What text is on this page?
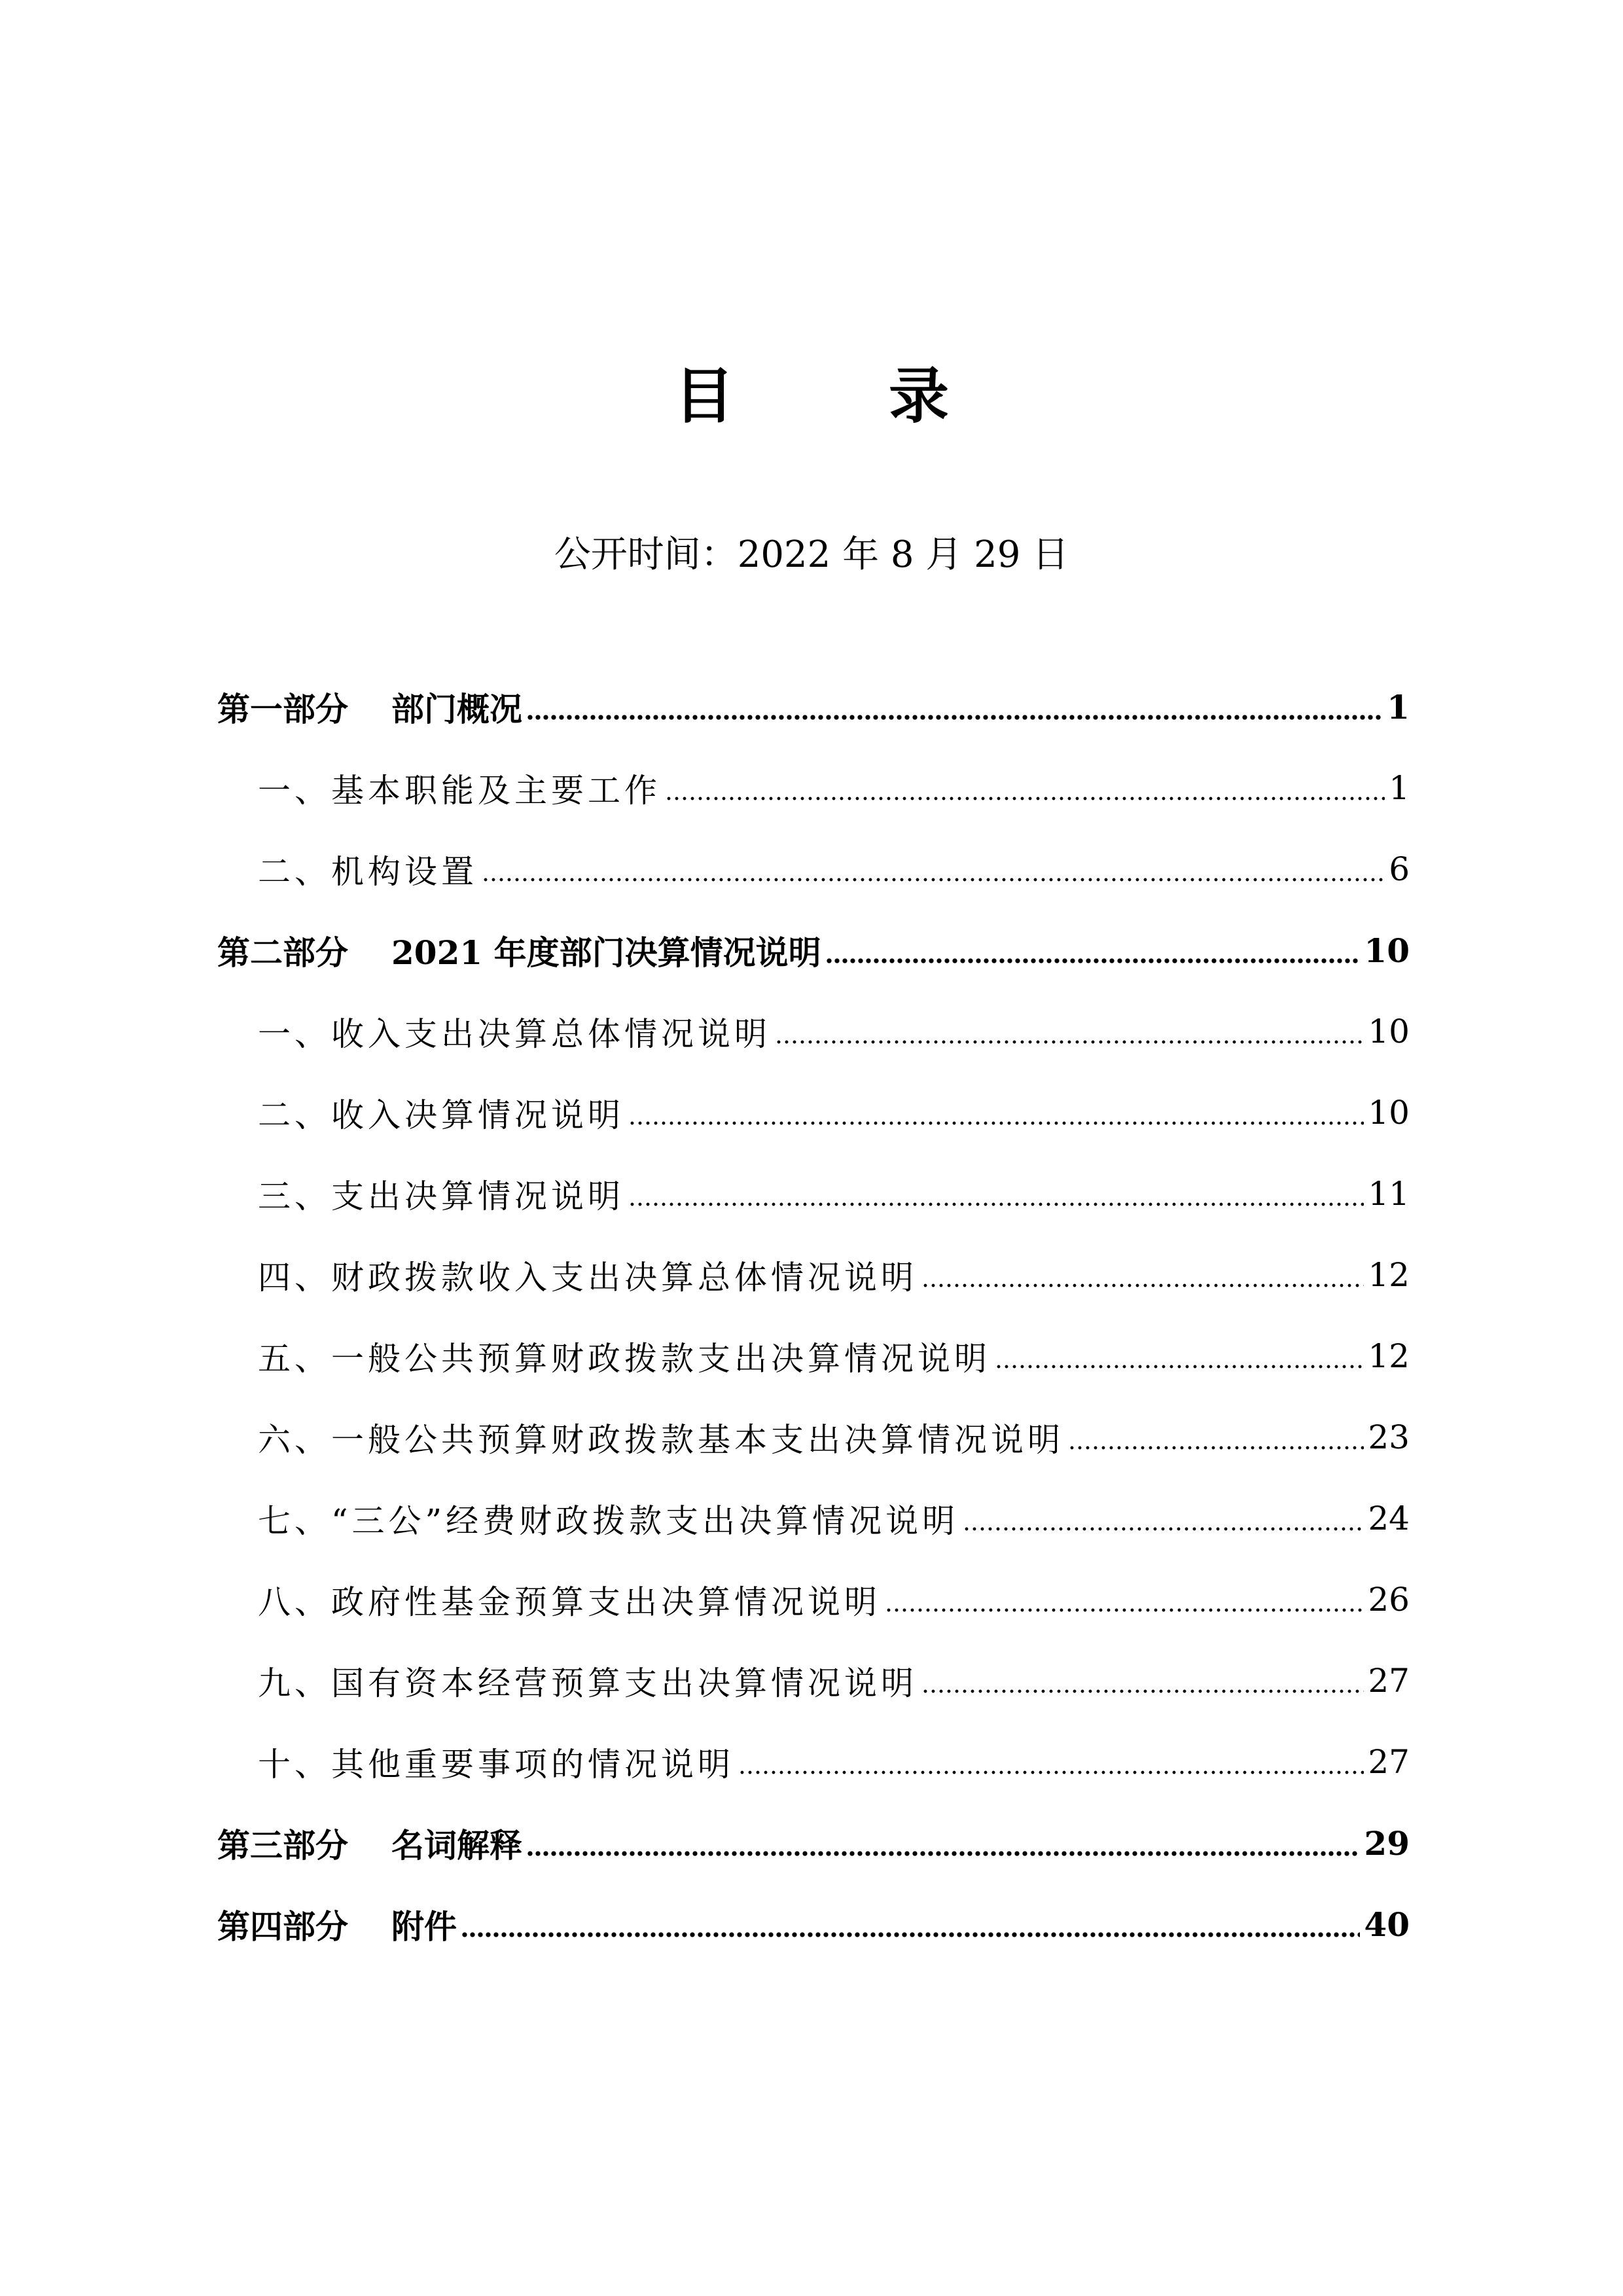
目　录
公开时间：2022 年 8 月 29 日
第一部分 部门概况	1
一、基本职能及主要工作	1
二、机构设置	6
第二部分 2021 年度部门决算情况说明	10
一、收入支出决算总体情况说明	10
二、收入决算情况说明	10
三、支出决算情况说明	11
四、财政拨款收入支出决算总体情况说明	12
五、一般公共预算财政拨款支出决算情况说明	12
六、一般公共预算财政拨款基本支出决算情况说明	23
七、“三公”经费财政拨款支出决算情况说明	24
八、政府性基金预算支出决算情况说明	26
九、国有资本经营预算支出决算情况说明	27
十、其他重要事项的情况说明	27
第三部分 名词解释	29
第四部分 附件	40
